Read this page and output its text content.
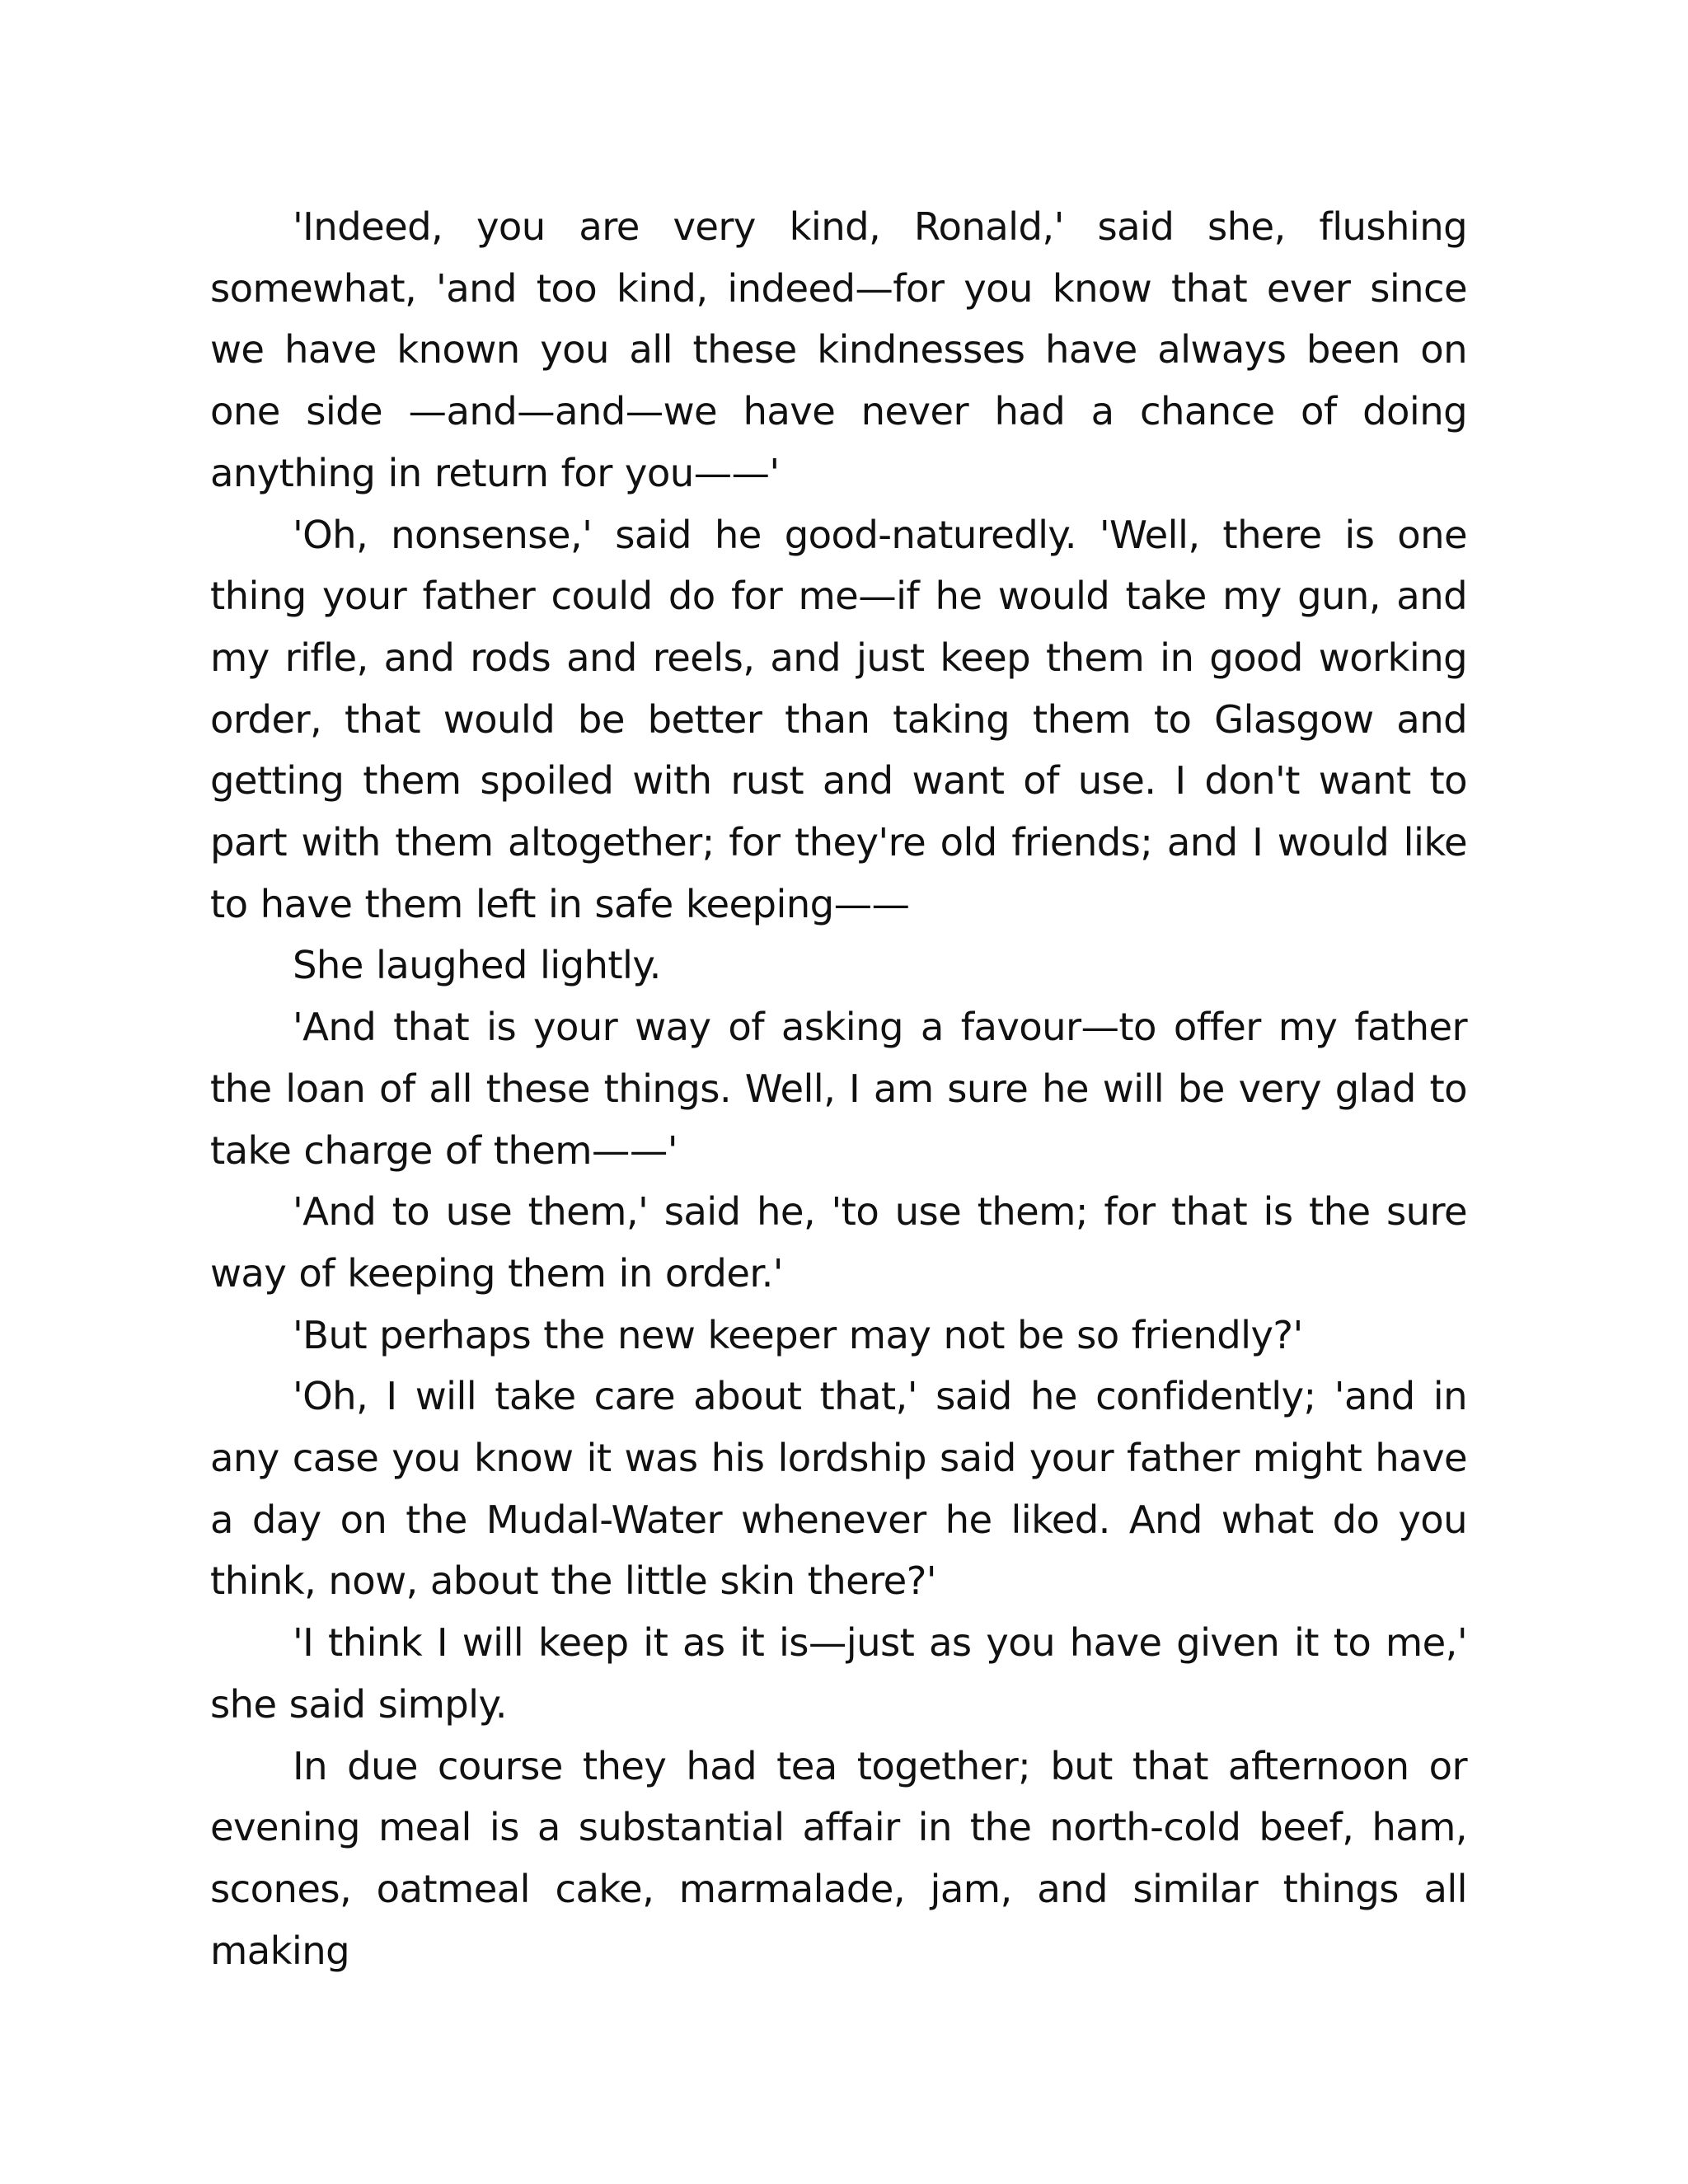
'Indeed, you are very kind, Ronald,' said she, flushing somewhat, 'and too kind, indeed—for you know that ever since we have known you all these kindnesses have always been on one side —and—and—we have never had a chance of doing anything in return for you——'

'Oh, nonsense,' said he good-naturedly. 'Well, there is one thing your father could do for me—if he would take my gun, and my rifle, and rods and reels, and just keep them in good working order, that would be better than taking them to Glasgow and getting them spoiled with rust and want of use. I don't want to part with them altogether; for they're old friends; and I would like to have them left in safe keeping——

She laughed lightly.

'And that is your way of asking a favour—to offer my father the loan of all these things. Well, I am sure he will be very glad to take charge of them——'

'And to use them,' said he, 'to use them; for that is the sure way of keeping them in order.'

'But perhaps the new keeper may not be so friendly?'

'Oh, I will take care about that,' said he confidently; 'and in any case you know it was his lordship said your father might have a day on the Mudal-Water whenever he liked. And what do you think, now, about the little skin there?'

'I think I will keep it as it is—just as you have given it to me,' she said simply.

In due course they had tea together; but that afternoon or evening meal is a substantial affair in the north-cold beef, ham, scones, oatmeal cake, marmalade, jam, and similar things all making
